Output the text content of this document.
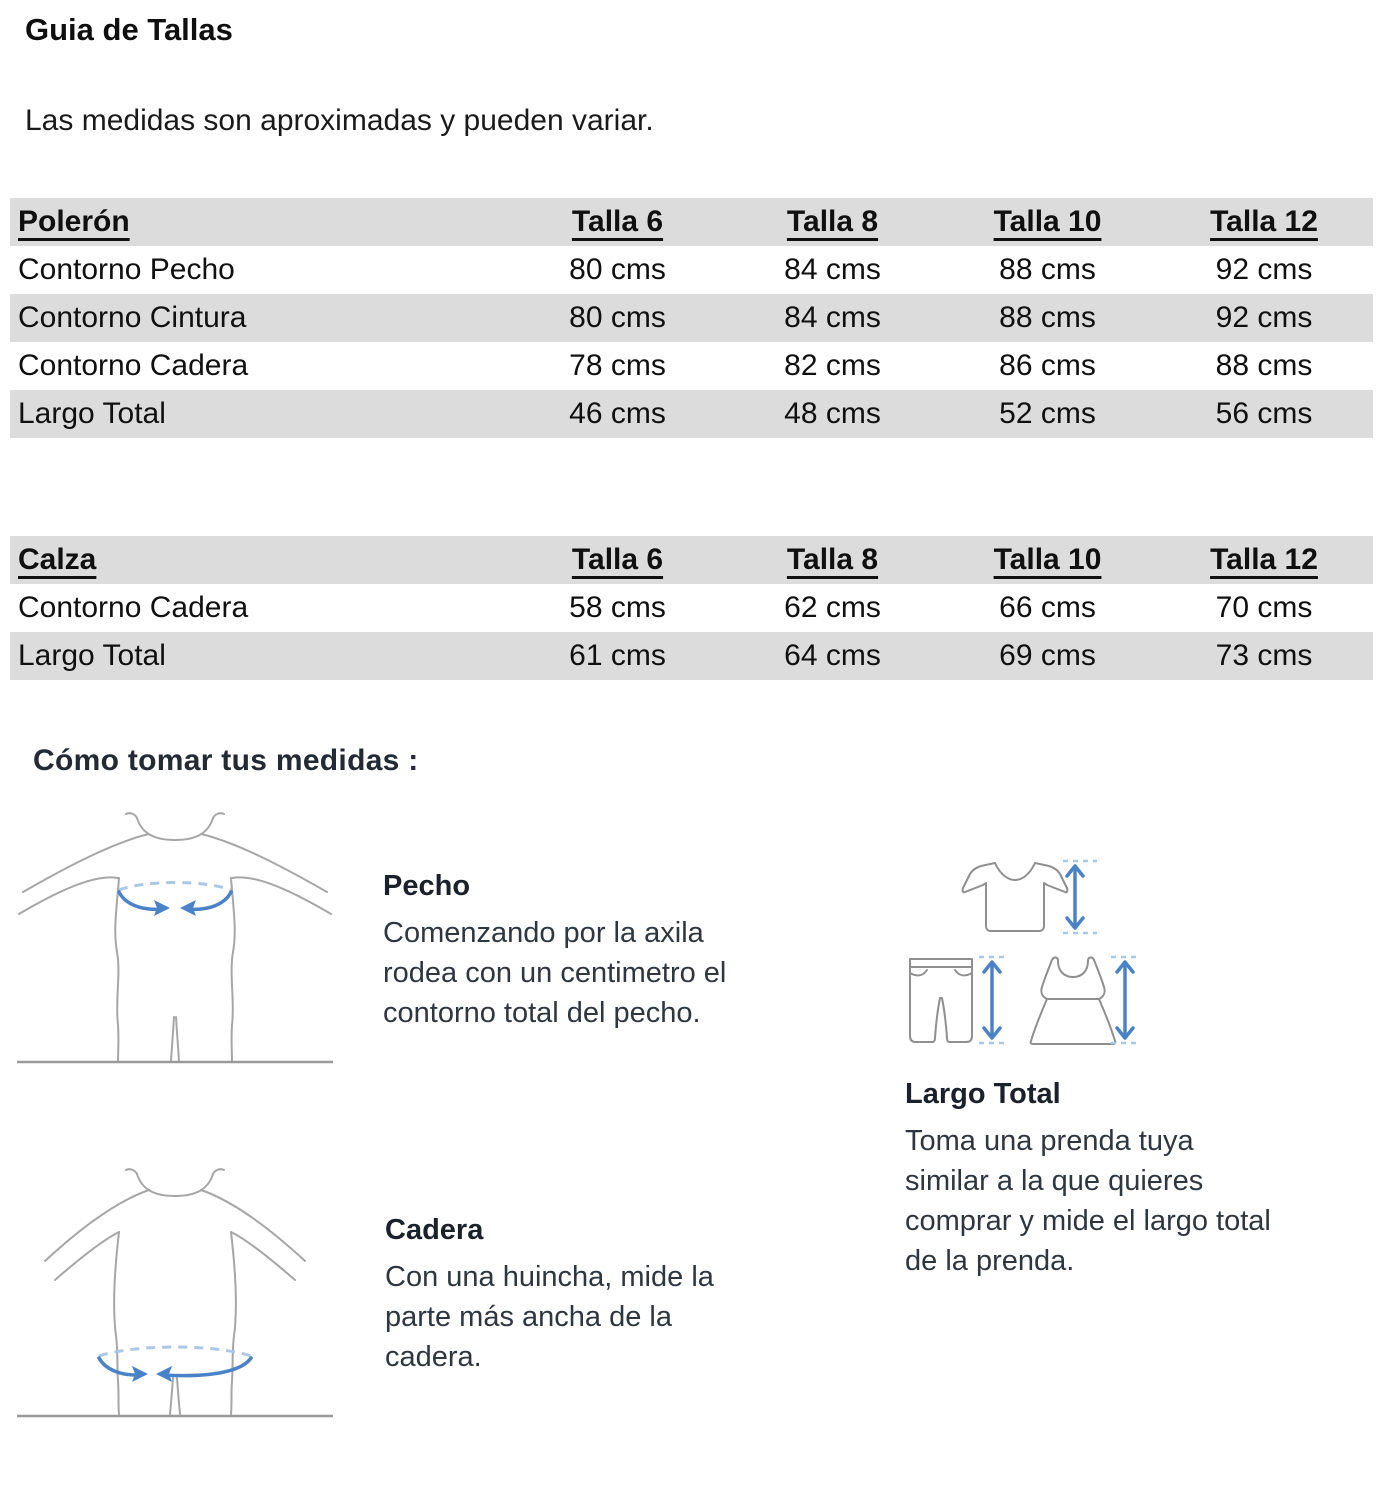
Guia de Tallas

Las medidas son aproximadas y pueden variar.

Polerón	Talla 6	Talla 8	Talla 10	Talla 12
Contorno Pecho	80 cms	84 cms	88 cms	92 cms
Contorno Cintura	80 cms	84 cms	88 cms	92 cms
Contorno Cadera	78 cms	82 cms	86 cms	88 cms
Largo Total	46 cms	48 cms	52 cms	56 cms
Calza	Talla 6	Talla 8	Talla 10	Talla 12
Contorno Cadera	58 cms	62 cms	66 cms	70 cms
Largo Total	61 cms	64 cms	69 cms	73 cms
Cómo tomar tus medidas :
Pecho
Comenzando por la axila
rodea con un centimetro el
contorno total del pecho.
Largo Total
Toma una prenda tuya
similar a la que quieres
comprar y mide el largo total
de la prenda.
Cadera
Con una huincha, mide la
parte más ancha de la
cadera.
